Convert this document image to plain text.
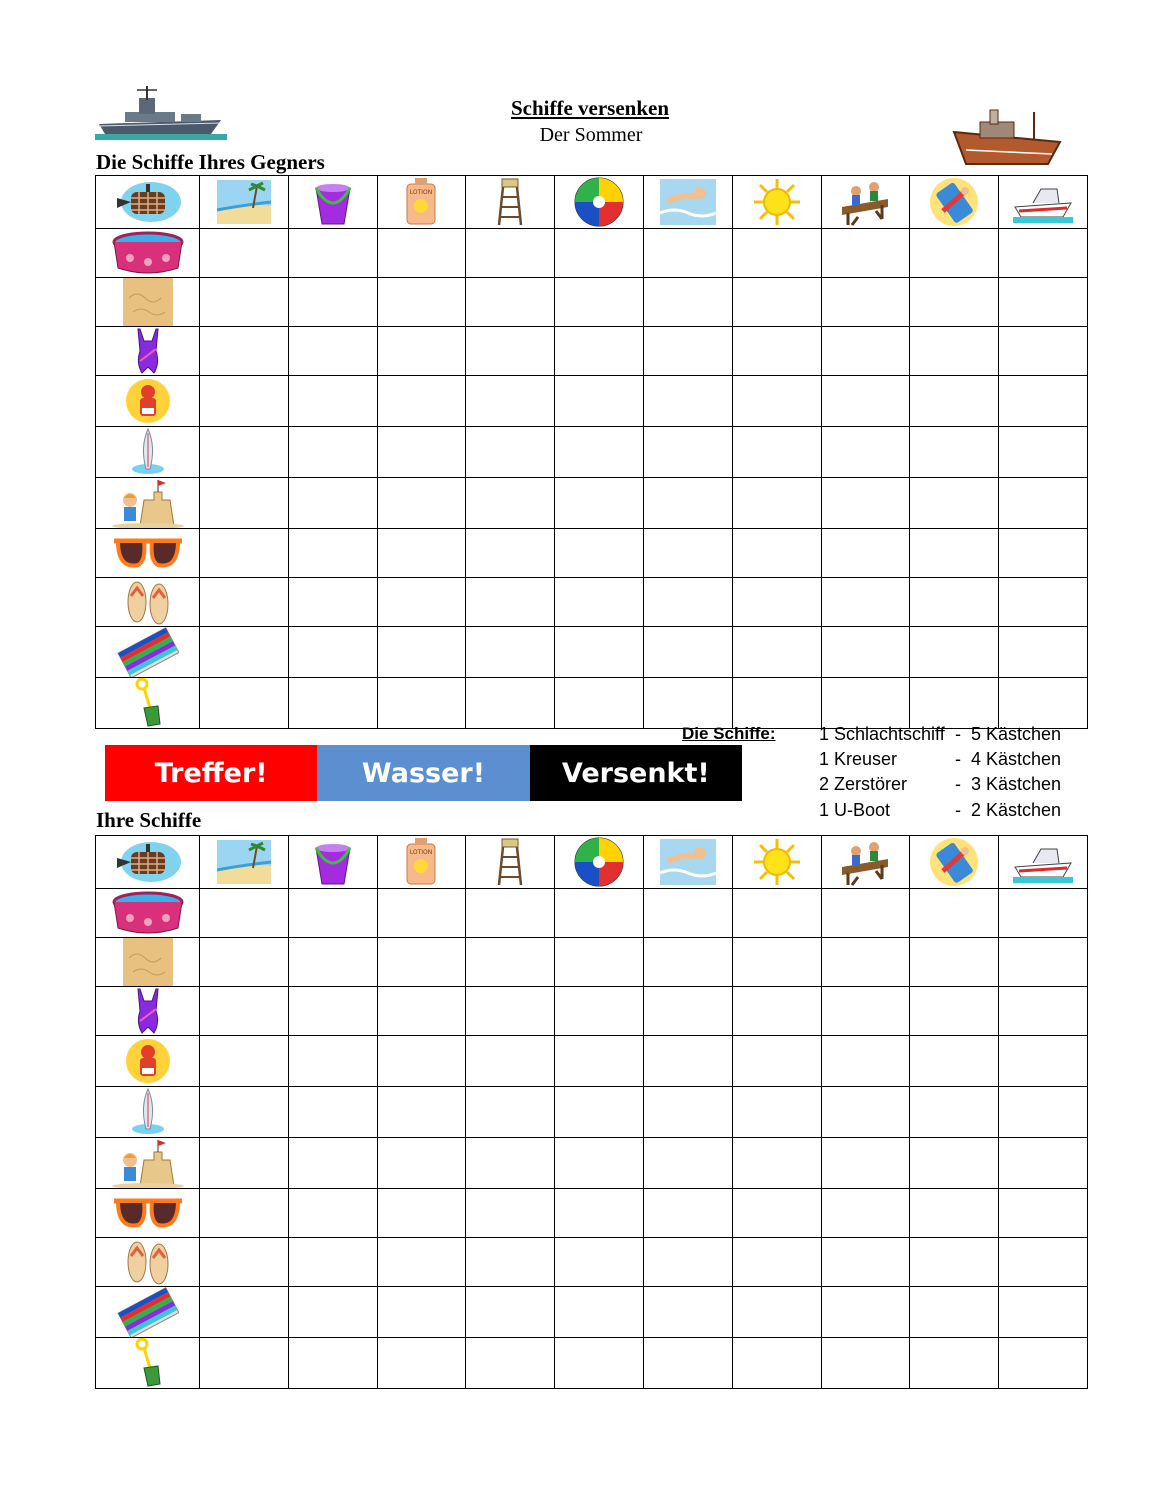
Schiffe versenken
Der Sommer
Die Schiffe Ihres Gegners

LOTION

Treffer!	Wasser!	Versenkt!
Die Schiffe: 1 Schlachtschiff - 5 Kästchen
1 Kreuser	- 4 Kästchen
2 Zerstörer	- 3 Kästchen
1 U-Boot	- 2 Kästchen
Ihre Schiffe

LOTION
